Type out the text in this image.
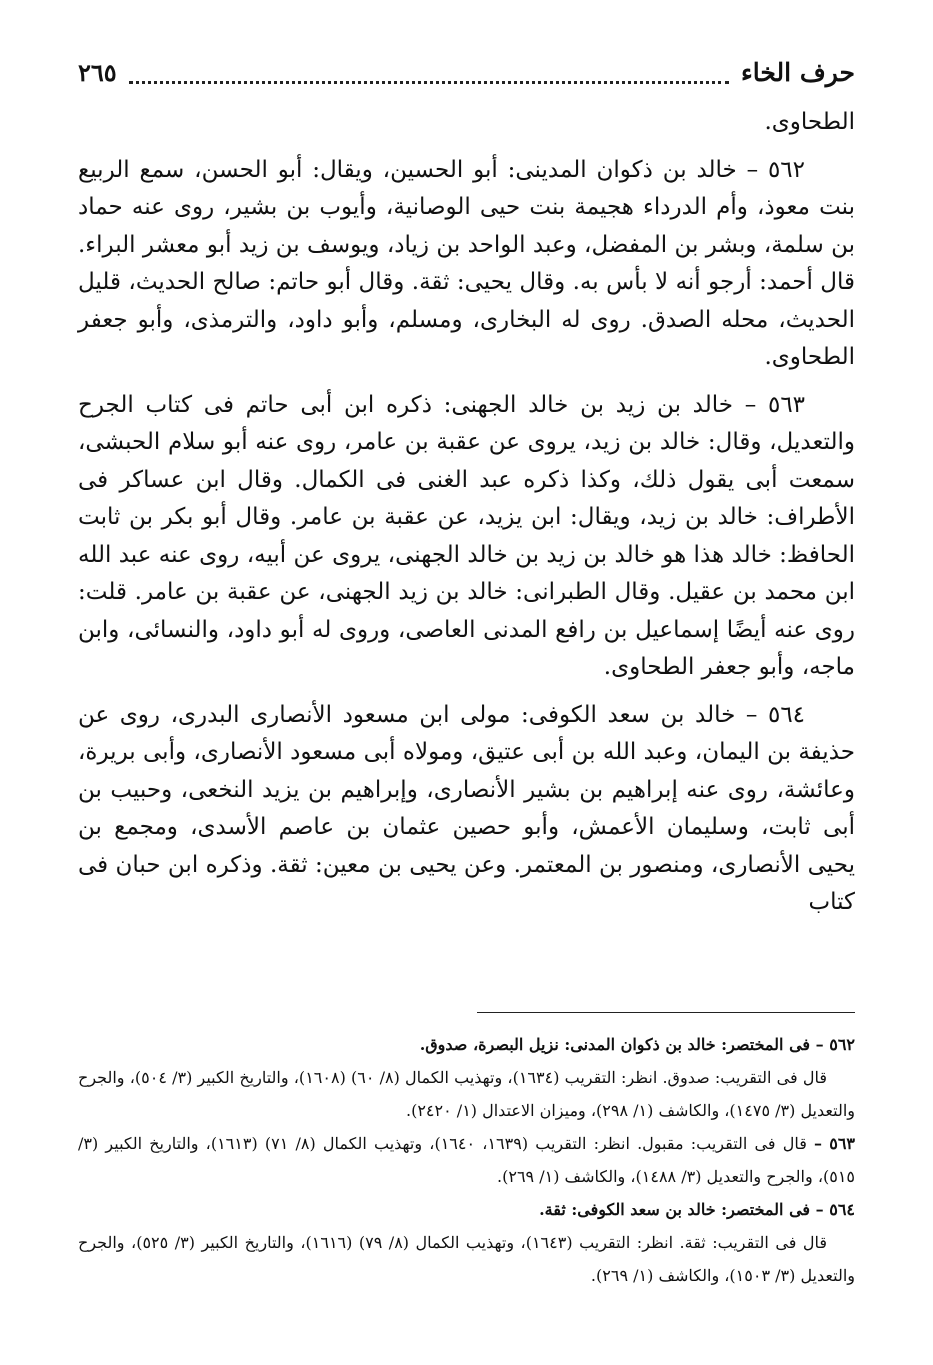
حرف الخاء
٢٦٥

الطحاوى.

٥٦٢ – خالد بن ذكوان المدينى: أبو الحسين، ويقال: أبو الحسن، سمع الربيع بنت معوذ، وأم الدرداء هجيمة بنت حيى الوصانية، وأيوب بن بشير، روى عنه حماد بن سلمة، وبشر بن المفضل، وعبد الواحد بن زياد، ويوسف بن زيد أبو معشر البراء. قال أحمد: أرجو أنه لا بأس به. وقال يحيى: ثقة. وقال أبو حاتم: صالح الحديث، قليل الحديث، محله الصدق. روى له البخارى، ومسلم، وأبو داود، والترمذى، وأبو جعفر الطحاوى.

٥٦٣ – خالد بن زيد بن خالد الجهنى: ذكره ابن أبى حاتم فى كتاب الجرح والتعديل، وقال: خالد بن زيد، يروى عن عقبة بن عامر، روى عنه أبو سلام الحبشى، سمعت أبى يقول ذلك، وكذا ذكره عبد الغنى فى الكمال. وقال ابن عساكر فى الأطراف: خالد بن زيد، ويقال: ابن يزيد، عن عقبة بن عامر. وقال أبو بكر بن ثابت الحافظ: خالد هذا هو خالد بن زيد بن خالد الجهنى، يروى عن أبيه، روى عنه عبد الله ابن محمد بن عقيل. وقال الطبرانى: خالد بن زيد الجهنى، عن عقبة بن عامر. قلت: روى عنه أيضًا إسماعيل بن رافع المدنى العاصى، وروى له أبو داود، والنسائى، وابن ماجه، وأبو جعفر الطحاوى.

٥٦٤ – خالد بن سعد الكوفى: مولى ابن مسعود الأنصارى البدرى، روى عن حذيفة بن اليمان، وعبد الله بن أبى عتيق، ومولاه أبى مسعود الأنصارى، وأبى بريرة، وعائشة، روى عنه إبراهيم بن بشير الأنصارى، وإبراهيم بن يزيد النخعى، وحبيب بن أبى ثابت، وسليمان الأعمش، وأبو حصين عثمان بن عاصم الأسدى، ومجمع بن يحيى الأنصارى، ومنصور بن المعتمر. وعن يحيى بن معين: ثقة. وذكره ابن حبان فى كتاب

٥٦٢ – فى المختصر: خالد بن ذكوان المدنى: نزيل البصرة، صدوق.

قال فى التقريب: صدوق. انظر: التقريب (١٦٣٤)، وتهذيب الكمال (٨/ ٦٠) (١٦٠٨)، والتاريخ الكبير (٣/ ٥٠٤)، والجرح والتعديل (٣/ ١٤٧٥)، والكاشف (١/ ٢٩٨)، وميزان الاعتدال (١/ ٢٤٢٠).

٥٦٣ – قال فى التقريب: مقبول. انظر: التقريب (١٦٣٩، ١٦٤٠)، وتهذيب الكمال (٨/ ٧١) (١٦١٣)، والتاريخ الكبير (٣/ ٥١٥)، والجرح والتعديل (٣/ ١٤٨٨)، والكاشف (١/ ٢٦٩).

٥٦٤ – فى المختصر: خالد بن سعد الكوفى: ثقة.

قال فى التقريب: ثقة. انظر: التقريب (١٦٤٣)، وتهذيب الكمال (٨/ ٧٩) (١٦١٦)، والتاريخ الكبير (٣/ ٥٢٥)، والجرح والتعديل (٣/ ١٥٠٣)، والكاشف (١/ ٢٦٩).
